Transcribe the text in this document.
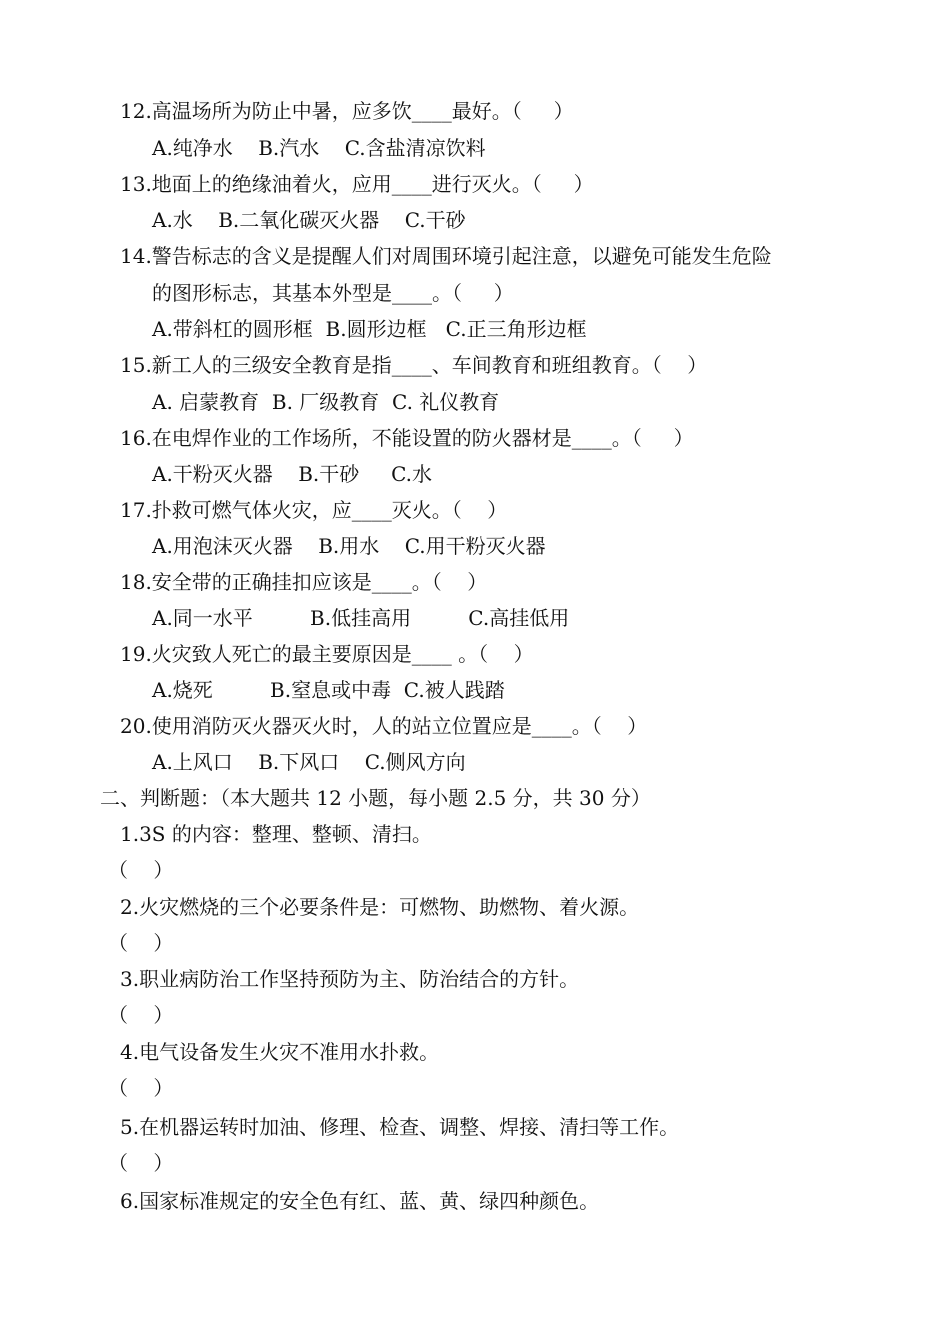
12.高温场所为防止中暑，应多饮____最好。（     ）
A.纯净水    B.汽水    C.含盐清凉饮料
13.地面上的绝缘油着火，应用____进行灭火。（     ）
A.水    B.二氧化碳灭火器    C.干砂
14.警告标志的含义是提醒人们对周围环境引起注意，以避免可能发生危险
的图形标志，其基本外型是____。（     ）
A.带斜杠的圆形框  B.圆形边框   C.正三角形边框
15.新工人的三级安全教育是指____、车间教育和班组教育。（    ）
A. 启蒙教育  B. 厂级教育  C. 礼仪教育
16.在电焊作业的工作场所，不能设置的防火器材是____。（     ）
A.干粉灭火器    B.干砂     C.水
17.扑救可燃气体火灾，应____灭火。（    ）
A.用泡沫灭火器    B.用水    C.用干粉灭火器
18.安全带的正确挂扣应该是____。（    ）
A.同一水平         B.低挂高用         C.高挂低用
19.火灾致人死亡的最主要原因是____ 。（    ）
A.烧死         B.窒息或中毒  C.被人践踏
20.使用消防灭火器灭火时，人的站立位置应是____。（    ）
A.上风口    B.下风口    C.侧风方向
二、判断题：（本大题共 12 小题，每小题 2.5 分，共 30 分）
1.3S 的内容：整理、整顿、清扫。
（    ）
2.火灾燃烧的三个必要条件是：可燃物、助燃物、着火源。
（    ）
3.职业病防治工作坚持预防为主、防治结合的方针。
（    ）
4.电气设备发生火灾不准用水扑救。
（    ）
5.在机器运转时加油、修理、检查、调整、焊接、清扫等工作。
（    ）
6.国家标准规定的安全色有红、蓝、黄、绿四种颜色。
